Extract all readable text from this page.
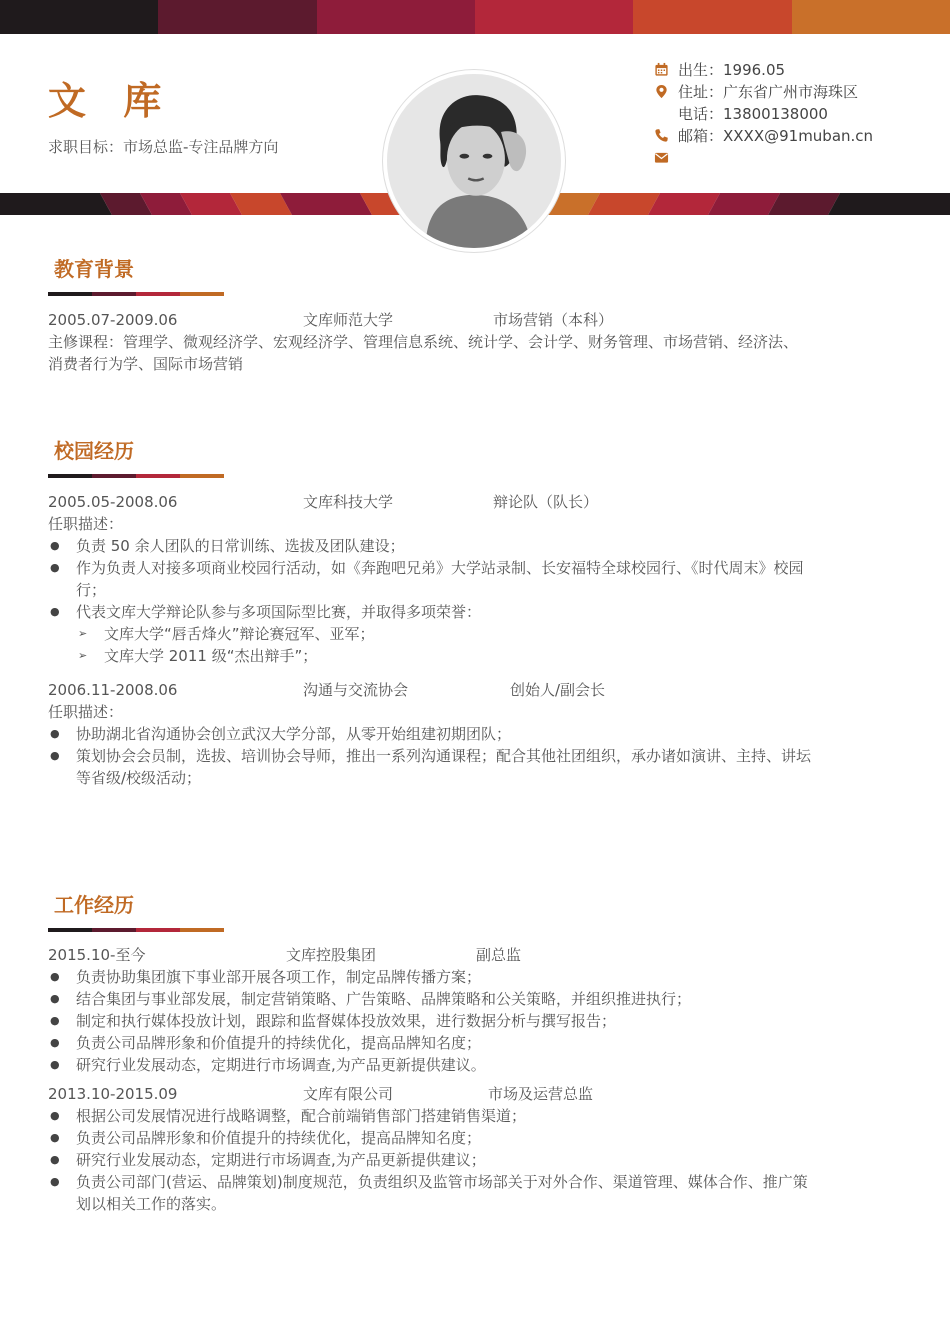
文 库
求职目标：市场总监-专注品牌方向
出生：1996.05
住址：广东省广州市海珠区
电话：13800138000
邮箱：XXXX@91muban.cn
教育背景
2005.07-2009.06	文库师范大学	市场营销（本科）
主修课程：管理学、微观经济学、宏观经济学、管理信息系统、统计学、会计学、财务管理、市场营销、经济法、
消费者行为学、国际市场营销
校园经历
2005.05-2008.06	文库科技大学	辩论队（队长）
任职描述：
● 负责 50 余人团队的日常训练、选拔及团队建设；
● 作为负责人对接多项商业校园行活动，如《奔跑吧兄弟》大学站录制、长安福特全球校园行、《时代周末》校园
行；
● 代表文库大学辩论队参与多项国际型比赛，并取得多项荣誉：
➢ 文库大学“唇舌烽火”辩论赛冠军、亚军；
➢ 文库大学 2011 级“杰出辩手”；
2006.11-2008.06	沟通与交流协会	创始人/副会长
任职描述：
● 协助湖北省沟通协会创立武汉大学分部，从零开始组建初期团队；
● 策划协会会员制，选拔、培训协会导师，推出一系列沟通课程；配合其他社团组织，承办诸如演讲、主持、讲坛
等省级/校级活动；
工作经历
2015.10-至今	文库控股集团	副总监
● 负责协助集团旗下事业部开展各项工作，制定品牌传播方案；
● 结合集团与事业部发展，制定营销策略、广告策略、品牌策略和公关策略，并组织推进执行；
● 制定和执行媒体投放计划，跟踪和监督媒体投放效果，进行数据分析与撰写报告；
● 负责公司品牌形象和价值提升的持续优化，提高品牌知名度；
● 研究行业发展动态，定期进行市场调查,为产品更新提供建议。
2013.10-2015.09	文库有限公司	市场及运营总监
● 根据公司发展情况进行战略调整，配合前端销售部门搭建销售渠道；
● 负责公司品牌形象和价值提升的持续优化，提高品牌知名度；
● 研究行业发展动态，定期进行市场调查,为产品更新提供建议；
● 负责公司部门(营运、品牌策划)制度规范，负责组织及监管市场部关于对外合作、渠道管理、媒体合作、推广策
划以相关工作的落实。
